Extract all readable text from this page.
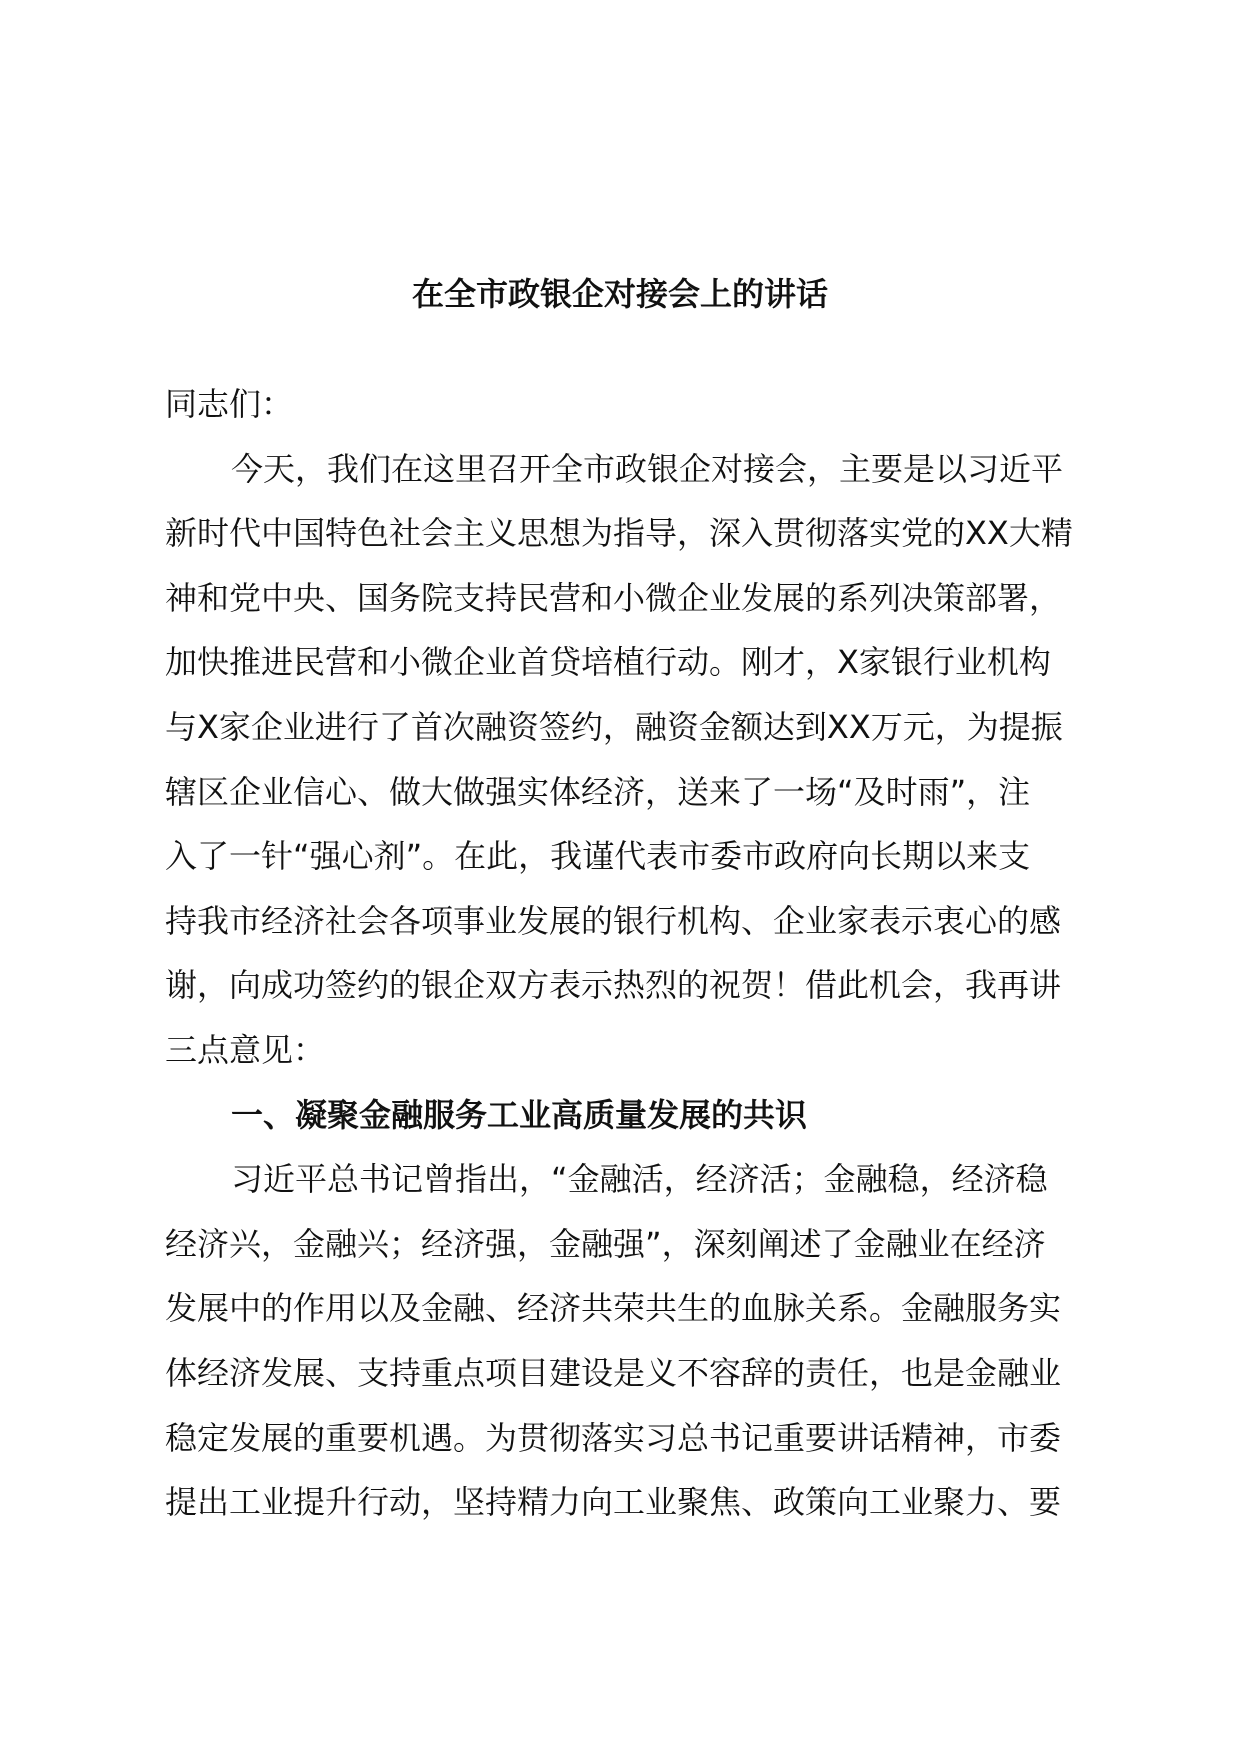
在全市政银企对接会上的讲话
同志们：
今天，我们在这里召开全市政银企对接会，主要是以习近平
新时代中国特色社会主义思想为指导，深入贯彻落实党的XX大精
神和党中央、国务院支持民营和小微企业发展的系列决策部署，
加快推进民营和小微企业首贷培植行动。刚才，X家银行业机构
与X家企业进行了首次融资签约，融资金额达到XX万元，为提振
辖区企业信心、做大做强实体经济，送来了一场“及时雨”，注
入了一针“强心剂”。在此，我谨代表市委市政府向长期以来支
持我市经济社会各项事业发展的银行机构、企业家表示衷心的感
谢，向成功签约的银企双方表示热烈的祝贺！借此机会，我再讲
三点意见：
一、凝聚金融服务工业高质量发展的共识
习近平总书记曾指出，“金融活，经济活；金融稳，经济稳
经济兴，金融兴；经济强，金融强”，深刻阐述了金融业在经济
发展中的作用以及金融、经济共荣共生的血脉关系。金融服务实
体经济发展、支持重点项目建设是义不容辞的责任，也是金融业
稳定发展的重要机遇。为贯彻落实习总书记重要讲话精神，市委
提出工业提升行动，坚持精力向工业聚焦、政策向工业聚力、要
